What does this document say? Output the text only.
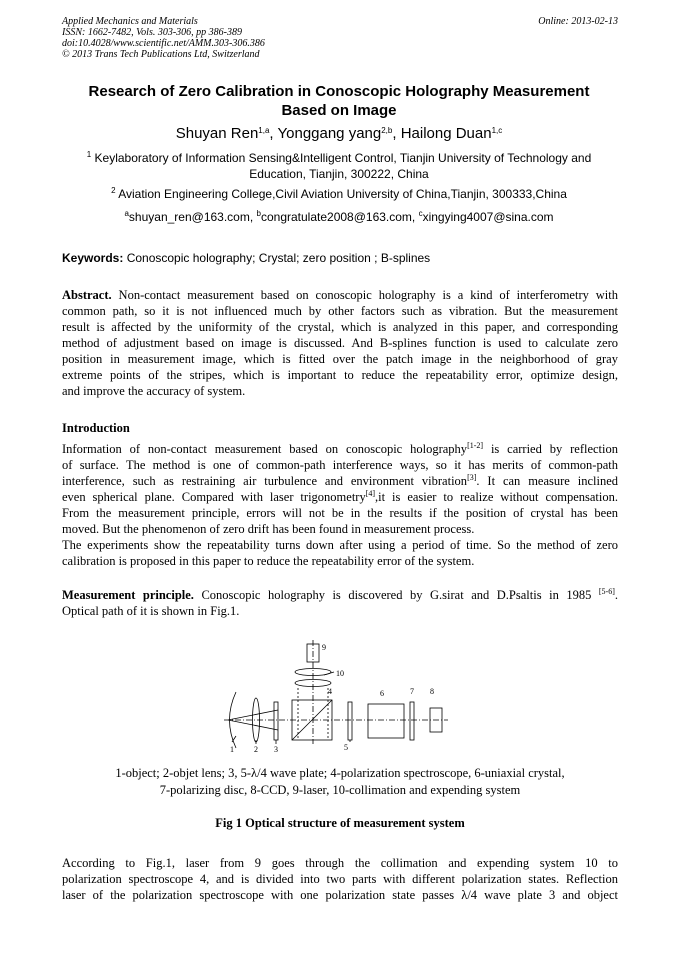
Applied Mechanics and Materials
ISSN: 1662-7482, Vols. 303-306, pp 386-389
doi:10.4028/www.scientific.net/AMM.303-306.386
© 2013 Trans Tech Publications Ltd, Switzerland
Online: 2013-02-13
Research of Zero Calibration in Conoscopic Holography Measurement
Based on Image
Shuyan Ren$^{1,a}$, Yonggang yang$^{2,b}$, Hailong Duan$^{1,c}$
$^1$ Keylaboratory of Information Sensing&Intelligent Control, Tianjin University of Technology and
Education, Tianjin, 300222, China
$^2$ Aviation Engineering College,Civil Aviation University of China,Tianjin, 300333,China
$^a$shuyan_ren@163.com, $^b$congratulate2008@163.com, $^c$xingying4007@sina.com
Keywords: Conoscopic holography; Crystal; zero position ; B-splines
Abstract. Non-contact measurement based on conoscopic holography is a kind of interferometry with
common path, so it is not influenced much by other factors such as vibration. But the measurement
result is affected by the uniformity of the crystal, which is analyzed in this paper, and corresponding
method of adjustment based on image is discussed. And B-splines function is used to calculate zero
position in measurement image, which is fitted over the patch image in the neighborhood of gray
extreme points of the stripes, which is important to reduce the repeatability error, optimize design,
and improve the accuracy of system.
Introduction
Information of non-contact measurement based on conoscopic holography[1-2] is carried by reflection
of surface. The method is one of common-path interference ways, so it has merits of common-path
interference, such as restraining air turbulence and environment vibration[3]. It can measure inclined
even spherical plane. Compared with laser trigonometry[4],it is easier to realize without compensation.
From the measurement principle, errors will not be in the results if the position of crystal has been
moved. But the phenomenon of zero drift has been found in measurement process.
The experiments show the repeatability turns down after using a period of time. So the method of zero
calibration is proposed in this paper to reduce the repeatability error of the system.
Measurement principle. Conoscopic holography is discovered by G.sirat and D.Psaltis in 1985 [5-6].
Optical path of it is shown in Fig.1.
1	2 3
4
5
6	7 8
9
10
1-object; 2-objet lens; 3, 5-λ/4 wave plate; 4-polarization spectroscope, 6-uniaxial crystal,
7-polarizing disc, 8-CCD, 9-laser, 10-collimation and expending system
Fig 1 Optical structure of measurement system
According to Fig.1, laser from 9 goes through the collimation and expending system 10 to
polarization spectroscope 4, and is divided into two parts with different polarization states. Reflection
laser of the polarization spectroscope with one polarization state passes λ/4 wave plate 3 and object
